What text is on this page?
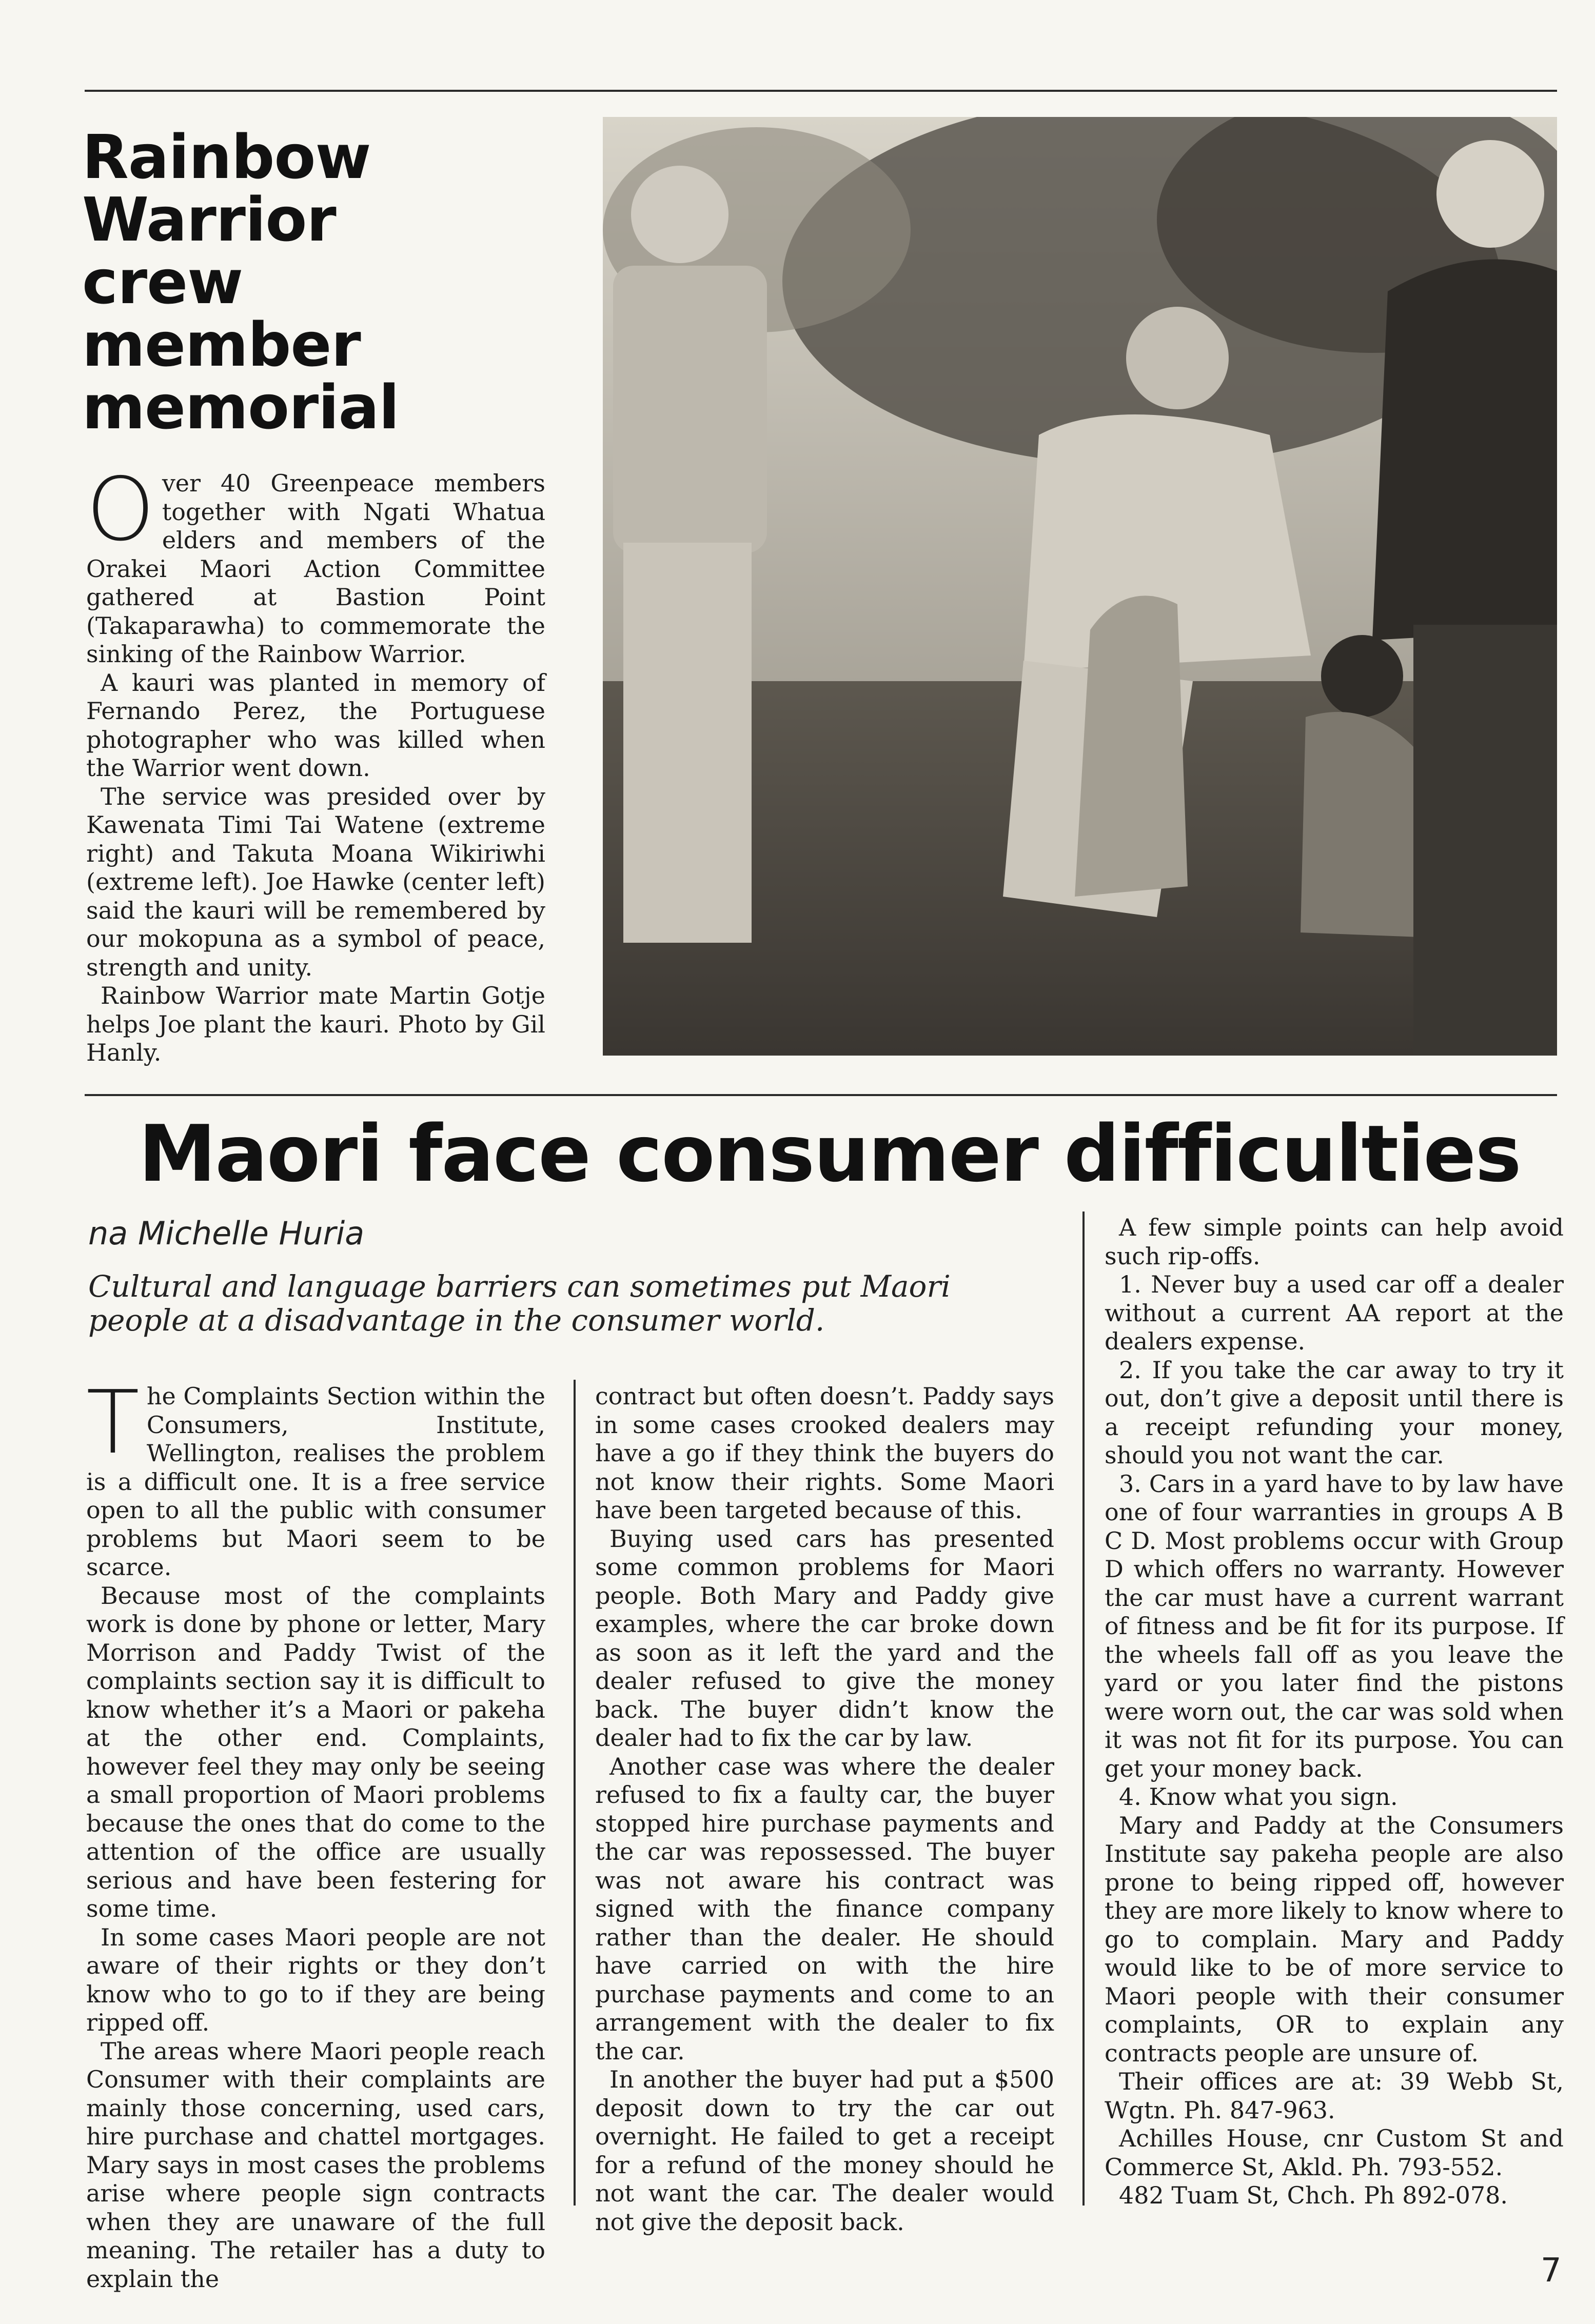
Rainbow
Warrior
crew
member
memorial

Over 40 Greenpeace members together with Ngati Whatua elders and members of the Orakei Maori Action Committee gathered at Bastion Point (Takaparawha) to commemorate the sinking of the Rainbow Warrior.

A kauri was planted in memory of Fernando Perez, the Portuguese photographer who was killed when the Warrior went down.

The service was presided over by Kawenata Timi Tai Watene (extreme right) and Takuta Moana Wikiriwhi (extreme left). Joe Hawke (center left) said the kauri will be remembered by our mokopuna as a symbol of peace, strength and unity.

Rainbow Warrior mate Martin Gotje helps Joe plant the kauri. Photo by Gil Hanly.

Maori face consumer difficulties
na Michelle Huria
Cultural and language barriers can sometimes put Maori people at a disadvantage in the consumer world.

The Complaints Section within the Consumers, Institute, Wellington, realises the problem is a difficult one. It is a free service open to all the public with consumer problems but Maori seem to be scarce.

Because most of the complaints work is done by phone or letter, Mary Morrison and Paddy Twist of the complaints section say it is difficult to know whether it’s a Maori or pakeha at the other end. Complaints, however feel they may only be seeing a small proportion of Maori problems because the ones that do come to the attention of the office are usually serious and have been festering for some time.

In some cases Maori people are not aware of their rights or they don’t know who to go to if they are being ripped off.

The areas where Maori people reach Consumer with their complaints are mainly those concerning, used cars, hire purchase and chattel mortgages. Mary says in most cases the problems arise where people sign contracts when they are unaware of the full meaning. The retailer has a duty to explain the

contract but often doesn’t. Paddy says in some cases crooked dealers may have a go if they think the buyers do not know their rights. Some Maori have been targeted because of this.

Buying used cars has presented some common problems for Maori people. Both Mary and Paddy give examples, where the car broke down as soon as it left the yard and the dealer refused to give the money back. The buyer didn’t know the dealer had to fix the car by law.

Another case was where the dealer refused to fix a faulty car, the buyer stopped hire purchase payments and the car was repossessed. The buyer was not aware his contract was signed with the finance company rather than the dealer. He should have carried on with the hire purchase payments and come to an arrangement with the dealer to fix the car.

In another the buyer had put a $500 deposit down to try the car out overnight. He failed to get a receipt for a refund of the money should he not want the car. The dealer would not give the deposit back.

A few simple points can help avoid such rip-offs.

1. Never buy a used car off a dealer without a current AA report at the dealers expense.

2. If you take the car away to try it out, don’t give a deposit until there is a receipt refunding your money, should you not want the car.

3. Cars in a yard have to by law have one of four warranties in groups A B C D. Most problems occur with Group D which offers no warranty. However the car must have a current warrant of fitness and be fit for its purpose. If the wheels fall off as you leave the yard or you later find the pistons were worn out, the car was sold when it was not fit for its purpose. You can get your money back.

4. Know what you sign.

Mary and Paddy at the Consumers Institute say pakeha people are also prone to being ripped off, however they are more likely to know where to go to complain. Mary and Paddy would like to be of more service to Maori people with their consumer complaints, OR to explain any contracts people are unsure of.

Their offices are at: 39 Webb St, Wgtn. Ph. 847-963.

Achilles House, cnr Custom St and Commerce St, Akld. Ph. 793-552.

482 Tuam St, Chch. Ph 892-078.

7
